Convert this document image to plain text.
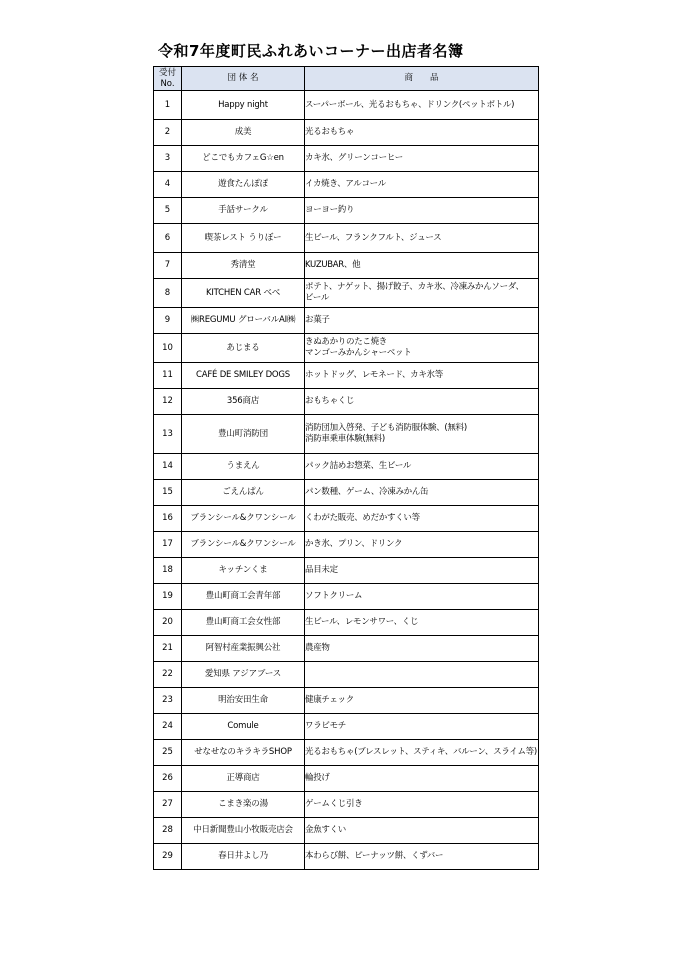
令和7年度町民ふれあいコーナー出店者名簿
受付
No.	団 体 名	商　　品
1	Happy night	スーパーボール、光るおもちゃ、ドリンク(ペットボトル)

2	成美	光るおもちゃ

3	どこでもカフェG☆en	カキ氷、グリーンコーヒー

4	遊食たんぽぽ	イカ焼き、アルコール

5	手話サークル	ヨーヨー釣り

6	喫茶レスト うりぼー	生ビール、フランクフルト、ジュース

7	秀清堂	KUZUBAR、他

8	KITCHEN CAR べべ	ポテト、ナゲット、揚げ餃子、カキ氷、冷凍みかんソーダ、
ビール

9	㈱REGUMU グローバルAI㈱	お菓子

10	あじまる	きぬあかりのたこ焼き
マンゴーみかんシャーベット

11	CAFÉ DE SMILEY DOGS	ホットドッグ、レモネード、カキ氷等

12	356商店	おもちゃくじ

13	豊山町消防団	消防団加入啓発、子ども消防服体験、(無料)
消防車乗車体験(無料)

14	うまえん	パック詰めお惣菜、生ビール

15	ごえんぱん	パン数種、ゲーム、冷凍みかん缶

16	ブランシール&クワンシール	くわがた販売、めだかすくい等

17	ブランシール&クワンシール	かき氷、プリン、ドリンク

18	キッチンくま	品目未定

19	豊山町商工会青年部	ソフトクリーム

20	豊山町商工会女性部	生ビール、レモンサワー、くじ

21	阿智村産業振興公社	農産物

22	愛知県 アジアブース	
23	明治安田生命	健康チェック

24	Comule	ワラビモチ

25	せなせなのキラキラSHOP	光るおもちゃ(ブレスレット、スティキ、バルーン、スライム等)

26	正導商店	輪投げ

27	こまき楽の湯	ゲームくじ引き

28	中日新聞豊山小牧販売店会	金魚すくい

29	春日井よし乃	本わらび餅、ピーナッツ餅、くずバー
